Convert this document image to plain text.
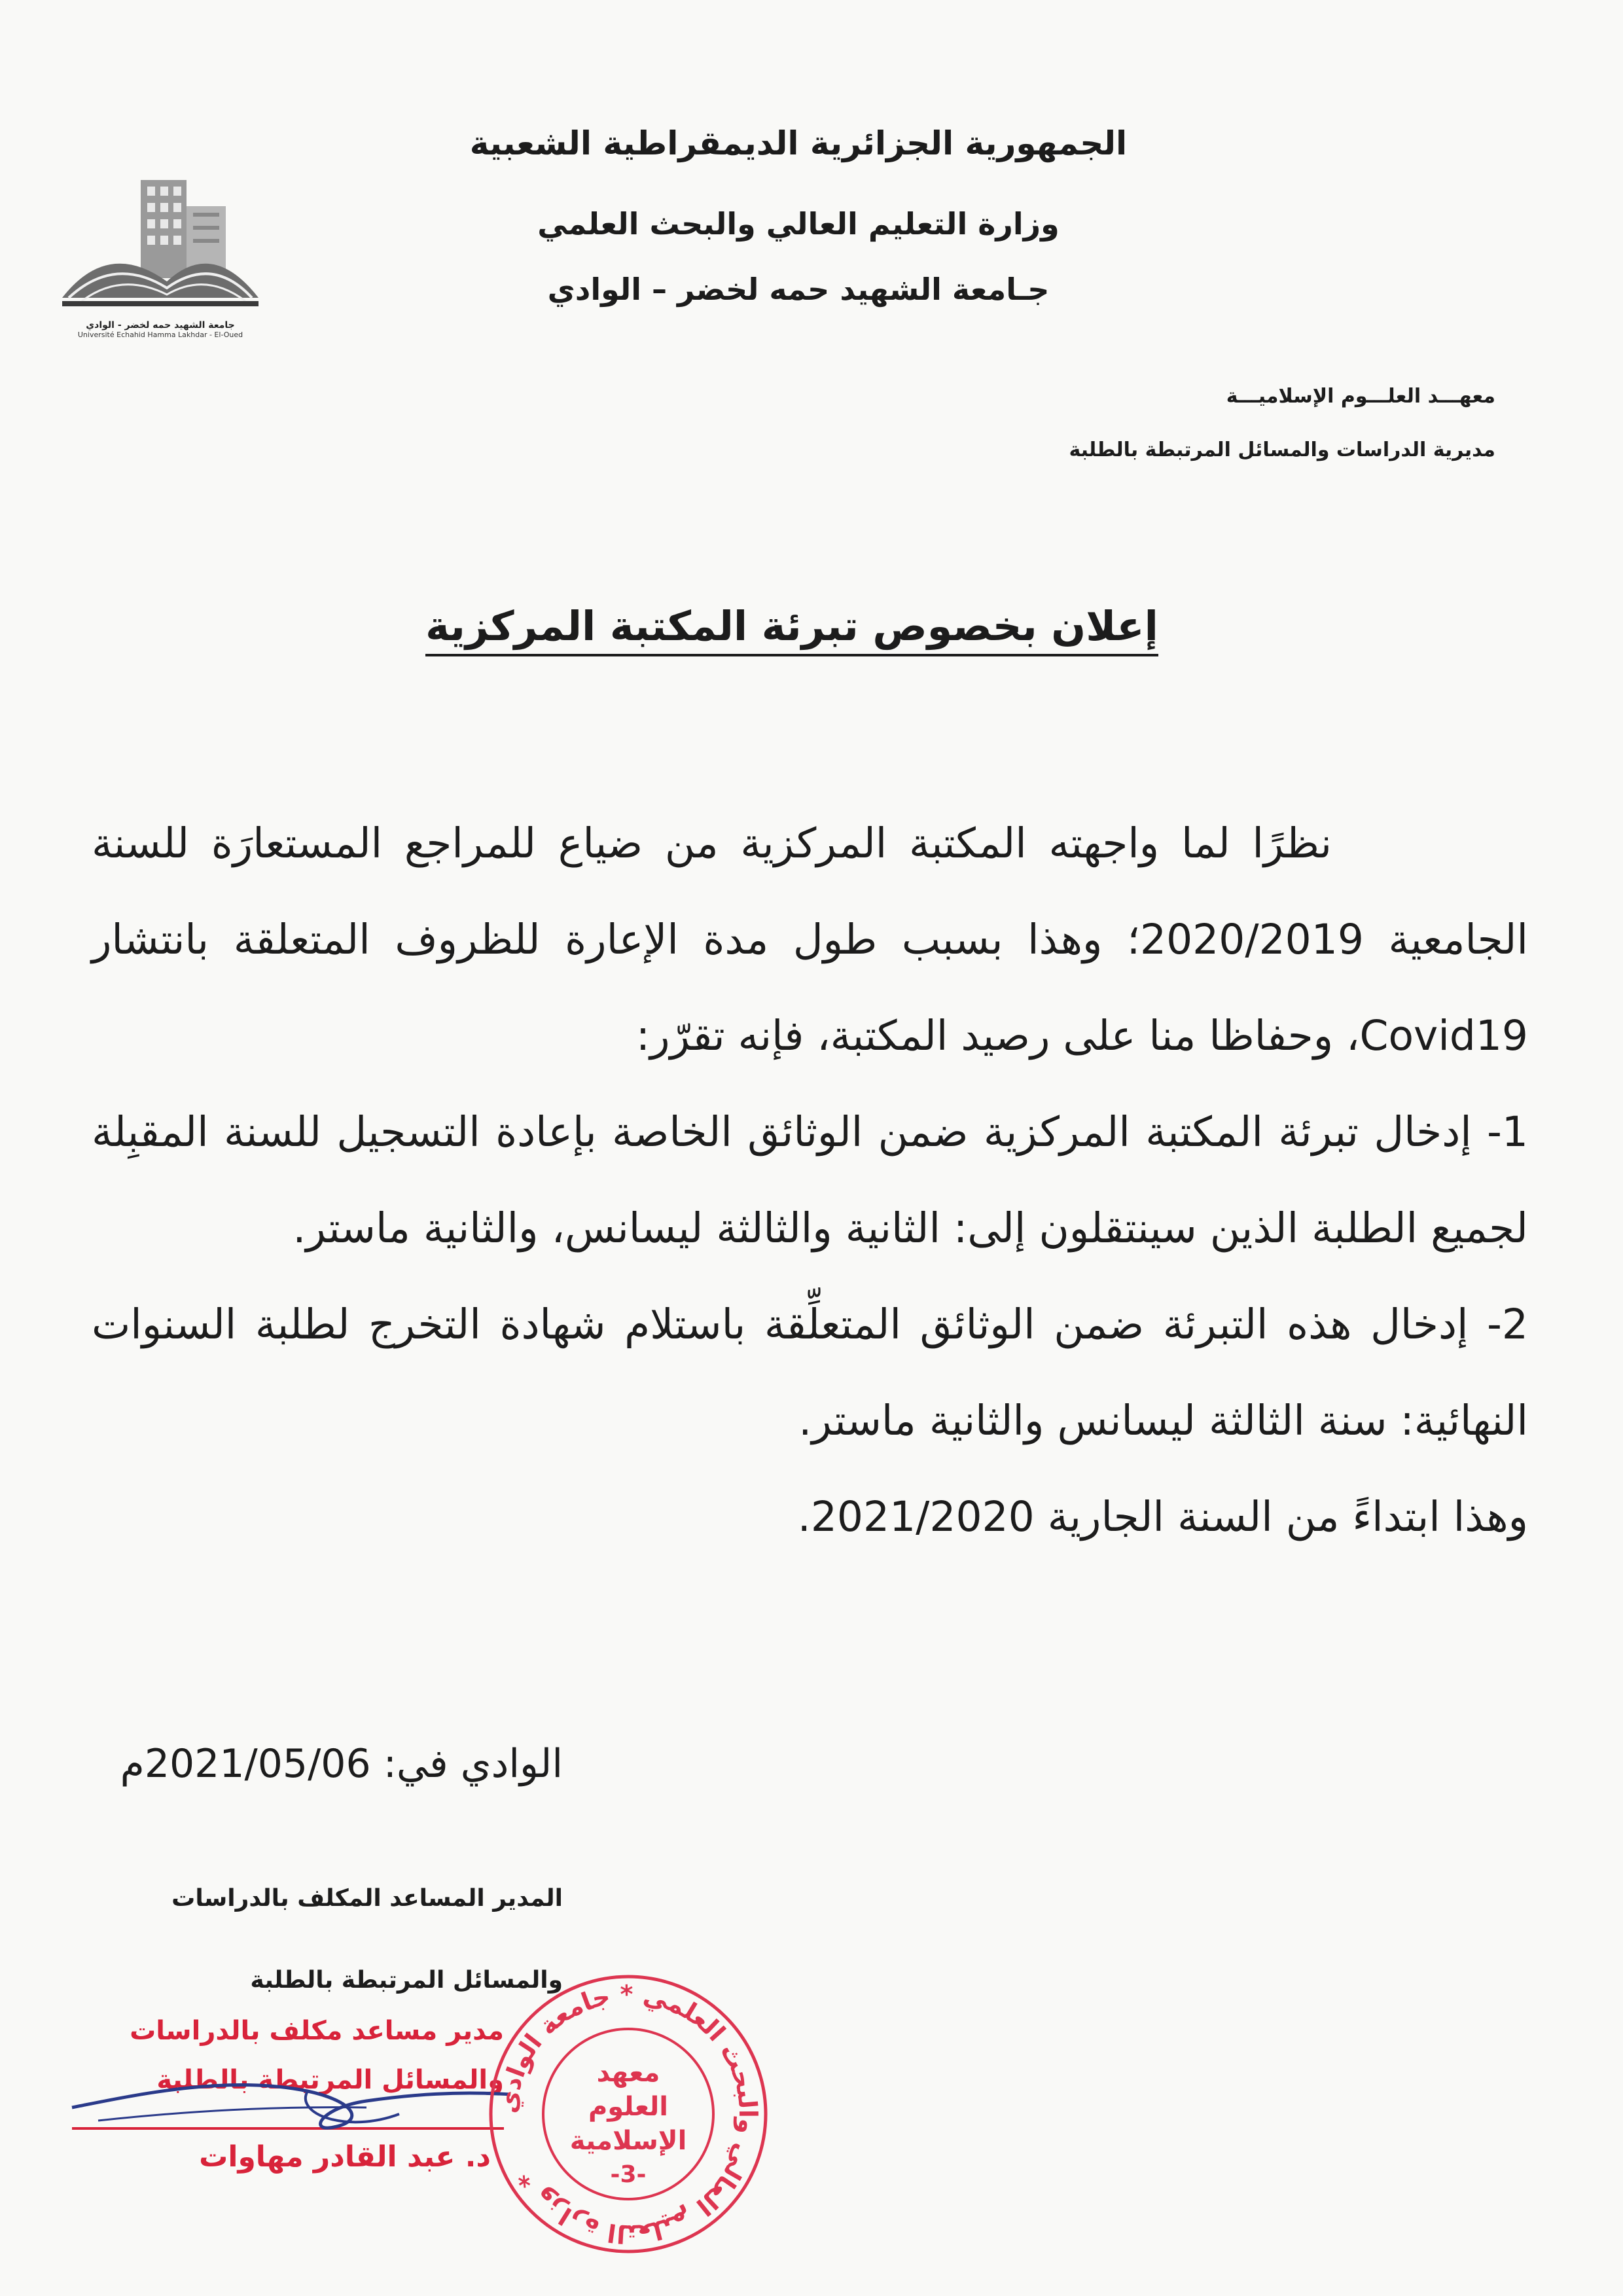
جامعة الشهيد حمه لخضر - الوادي
Université Echahid Hamma Lakhdar - El-Oued
الجمهورية الجزائرية الديمقراطية الشعبية
وزارة التعليم العالي والبحث العلمي
جـامعة الشهيد حمه لخضر – الوادي
معهـــد العلـــوم الإسلاميـــة
مديرية الدراسات والمسائل المرتبطة بالطلبة
إعلان بخصوص تبرئة المكتبة المركزية

نظرًا لما واجهته المكتبة المركزية من ضياع للمراجع المستعارَة للسنة الجامعية 2020/2019؛ وهذا بسبب طول مدة الإعارة للظروف المتعلقة بانتشار Covid19، وحفاظا منا على رصيد المكتبة، فإنه تقرّر:

1- إدخال تبرئة المكتبة المركزية ضمن الوثائق الخاصة بإعادة التسجيل للسنة المقبِلة لجميع الطلبة الذين سينتقلون إلى: الثانية والثالثة ليسانس، والثانية ماستر.

2- إدخال هذه التبرئة ضمن الوثائق المتعلِّقة باستلام شهادة التخرج لطلبة السنوات النهائية: سنة الثالثة ليسانس والثانية ماستر.

وهذا ابتداءً من السنة الجارية 2021/2020.

الوادي في: 2021/05/06م
المدير المساعد المكلف بالدراسات
والمسائل المرتبطة بالطلبة
مدير مساعد مكلف بالدراسات
والمسائل المرتبطة بالطلبة
د. عبد القادر مهاوات
وزارة التعليم العالي والبحث العلمي * جامعة الوادي *
معهد
العلوم
الإسلامية
-3-
